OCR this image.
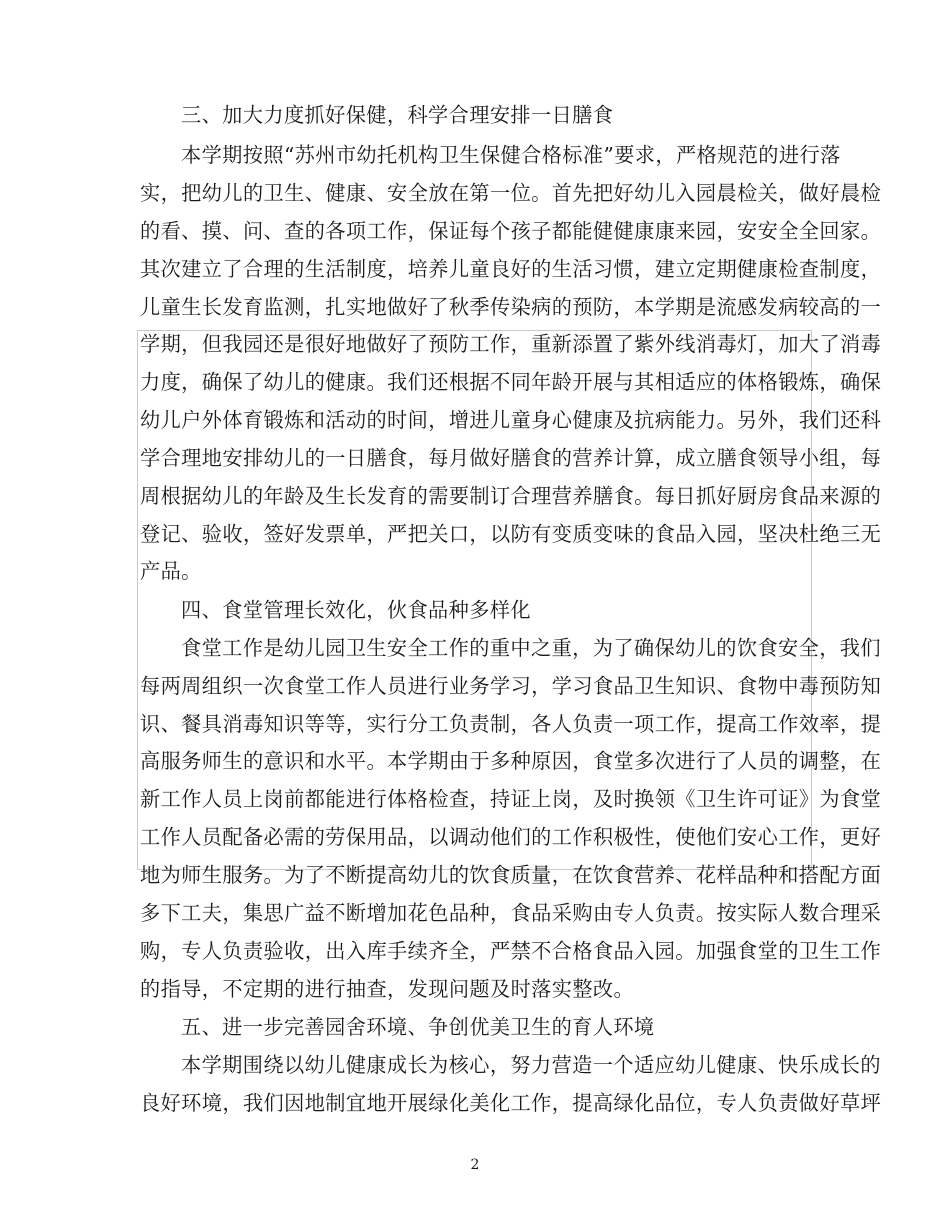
三、加大力度抓好保健，科学合理安排一日膳食
本学期按照“苏州市幼托机构卫生保健合格标准”要求，严格规范的进行落
实，把幼儿的卫生、健康、安全放在第一位。首先把好幼儿入园晨检关，做好晨检
的看、摸、问、查的各项工作，保证每个孩子都能健健康康来园，安安全全回家。
其次建立了合理的生活制度，培养儿童良好的生活习惯，建立定期健康检查制度，
儿童生长发育监测，扎实地做好了秋季传染病的预防，本学期是流感发病较高的一
学期，但我园还是很好地做好了预防工作，重新添置了紫外线消毒灯，加大了消毒
力度，确保了幼儿的健康。我们还根据不同年龄开展与其相适应的体格锻炼，确保
幼儿户外体育锻炼和活动的时间，增进儿童身心健康及抗病能力。另外，我们还科
学合理地安排幼儿的一日膳食，每月做好膳食的营养计算，成立膳食领导小组，每
周根据幼儿的年龄及生长发育的需要制订合理营养膳食。每日抓好厨房食品来源的
登记、验收，签好发票单，严把关口，以防有变质变味的食品入园，坚决杜绝三无
产品。
四、食堂管理长效化，伙食品种多样化
食堂工作是幼儿园卫生安全工作的重中之重，为了确保幼儿的饮食安全，我们
每两周组织一次食堂工作人员进行业务学习，学习食品卫生知识、食物中毒预防知
识、餐具消毒知识等等，实行分工负责制，各人负责一项工作，提高工作效率，提
高服务师生的意识和水平。本学期由于多种原因，食堂多次进行了人员的调整，在
新工作人员上岗前都能进行体格检查，持证上岗，及时换领《卫生许可证》为食堂
工作人员配备必需的劳保用品，以调动他们的工作积极性，使他们安心工作，更好
地为师生服务。为了不断提高幼儿的饮食质量，在饮食营养、花样品种和搭配方面
多下工夫，集思广益不断增加花色品种，食品采购由专人负责。按实际人数合理采
购，专人负责验收，出入库手续齐全，严禁不合格食品入园。加强食堂的卫生工作
的指导，不定期的进行抽查，发现问题及时落实整改。
五、进一步完善园舍环境、争创优美卫生的育人环境
本学期围绕以幼儿健康成长为核心，努力营造一个适应幼儿健康、快乐成长的
良好环境，我们因地制宜地开展绿化美化工作，提高绿化品位，专人负责做好草坪
2
